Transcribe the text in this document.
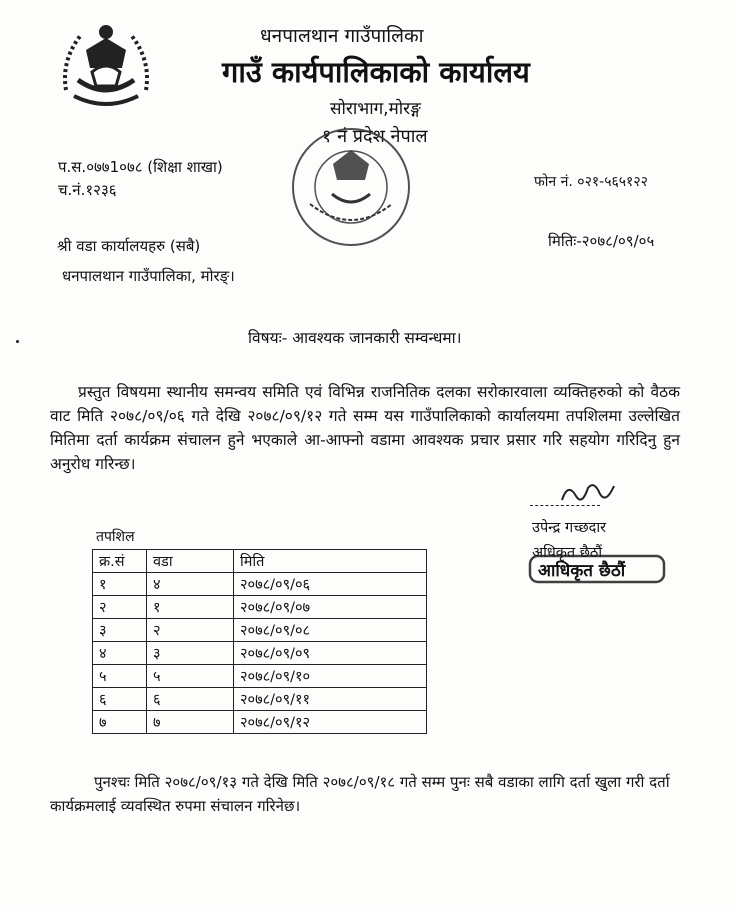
धनपालथान गाउँपालिका
गाउँ कार्यपालिकाको कार्यालय
सोराभाग,मोरङ्ग
१ नं प्रदेश नेपाल
प.स.०७७1०७८ (शिक्षा शाखा)
च.नं.१२३६	फोन नं. ०२१-५६५१२२
मितिः-२०७८/०९/०५
श्री वडा कार्यालयहरु (सबै)
धनपालथान गाउँपालिका, मोरङ्।
विषयः- आवश्यक जानकारी सम्वन्धमा।

प्रस्तुत विषयमा स्थानीय समन्वय समिति एवं विभिन्न राजनितिक दलका सरोकारवाला व्यक्तिहरुको को वैठक वाट मिति २०७८/०९/०६ गते देखि २०७८/०९/१२ गते सम्म यस गाउँपालिकाको कार्यालयमा तपशिलमा उल्लेखित मितिमा दर्ता कार्यक्रम संचालन हुने भएकाले आ-आफ्नो वडामा आवश्यक प्रचार प्रसार गरि सहयोग गरिदिनु हुन अनुरोध गरिन्छ।

उपेन्द्र गच्छदार
अधिकृत छैठौं
आधिकृत छैठौं
तपशिल
क्र.सं	वडा	मिति
१	४	२०७८/०९/०६
२	१	२०७८/०९/०७
३	२	२०७८/०९/०८
४	३	२०७८/०९/०९
५	५	२०७८/०९/१०
६	६	२०७८/०९/११
७	७	२०७८/०९/१२

पुनश्चः मिति २०७८/०९/१३ गते देखि मिति २०७८/०९/१८ गते सम्म पुनः सबै वडाका लागि दर्ता खुला गरी दर्ता कार्यक्रमलाई व्यवस्थित रुपमा संचालन गरिनेछ।
